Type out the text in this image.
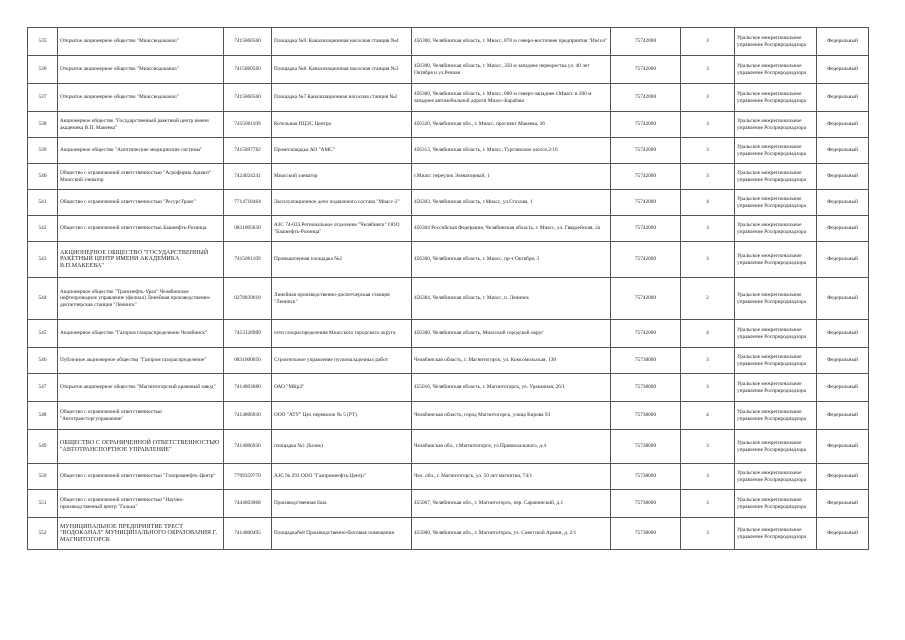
535	Открытое акционерное общество "Миассводоканал"	7415060560	Площадка №9. Канализационная насосная станция №4	456300, Челябинская область, г. Миасс, 870 м северо-восточнее предприятия "Инсол"	75742000	3	Уральское межрегиональное управление Росприроднадзора	Федеральный
536	Открытое акционерное общество "Миассводоканал"	7415060560	Площадка №8. Канализационная насосная станция №3	456300, Челябинская область, г. Миасс, 350 м западнее перекрестка ул. 40 лет Октября и ул.Речная	75742000	3	Уральское межрегиональное управление Росприроднадзора	Федеральный
537	Открытое акционерное общество "Миассводоканал"	7415060560	Площадка №7 Канализационная насосная станция №2	456300, Челябинская область, г. Миасс, 800 м северо-западнее г.Миасс и 200 м западнее автомобильной дороги Миасс-Карабаш	75742000	3	Уральское межрегиональное управление Росприроднадзора	Федеральный
538	Акционерное общество "Государственный ракетный центр имени академика В.П. Макеева"	7415061109	Котельная ПЦЭС Центра	456320, Челябинская обл., г. Миасс, проспект Макеева, 36	75742000	3	Уральское межрегиональное управление Росприроднадзора	Федеральный
539	Акционерное общество "Асептические медицинские системы"	7415097782	Промплощадка АО "АМС"	456313, Челябинская область, г. Миасс, Тургоякское шоссе,2/16	75742000	3	Уральское межрегиональное управление Росприроднадзора	Федеральный
540	Общество с ограниченной ответственностью "Агрофирма Ариант" Миасский элеватор	7424024241	Миасский элеватор	г.Миасс переулок Элеваторный, 1	75742000	3	Уральское межрегиональное управление Росприроднадзора	Федеральный
541	Общество с ограниченной ответственностью "РесурсТранс"	7714718464	Эксплуатационное депо подвижного состава "Миасс-2"	456303, Челябинская область, г.Миасс, ул.Стахова, 1	75742000	4	Уральское межрегиональное управление Росприроднадзора	Федеральный
542	Общество с ограниченной ответственностью Башнефть-Розница	0831005630	АЗС 74-033 Региональное отделение "Челябинск" ООО "Башнефть-Розница"	456304 Российская Федерация, Челябинская область, г. Миасс, ул. Гвардейская, 2а	75742000	3	Уральское межрегиональное управление Росприроднадзора	Федеральный
543	АКЦИОНЕРНОЕ ОБЩЕСТВО "ГОСУДАРСТВЕННЫЙ РАКЕТНЫЙ ЦЕНТР ИМЕНИ АКАДЕМИКА В.П.МАКЕЕВА"	7415061109	Промышленная площадка №2	456300, Челябинская область, г. Миасс, пр-т Октября, 3	75742000	3	Уральское межрегиональное управление Росприроднадзора	Федеральный
544	Акционерное общество "Транснефть-Урал" Челябинское нефтепроводное управление (филиал) Линейная производственно-диспетчерская станция "Ленинск"	0278039018	Линейная производственно-диспетчерская станция "Ленинск"	456384, Челябинская область, г. Миасс, п. Ленинск	75742000	2	Уральское межрегиональное управление Росприроднадзора	Федеральный
545	Акционерное общество "Газпром газораспределение Челябинск"	7453128989	сети газораспределения Миасского городского округа	456300, Челябинская область, Миасский городской округ	75742000	4	Уральское межрегиональное управление Росприроднадзора	Федеральный
546	Публичное акционерное общество "Газпром газораспределение"	0831000050	Строительное управление пусконаладочных работ	Челябинская область, г. Магнитогорск, ул. Комсомольская, 130	75738000	3	Уральское межрегиональное управление Росприроднадзора	Федеральный
547	Открытое акционерное общество "Магнитогорский крановый завод"	7414003680	ОАО "МКрЗ"	455016, Челябинская область, г. Магнитогорск, ул. Ураканная, 26/1	75738000	3	Уральское межрегиональное управление Росприроднадзора	Федеральный
548	Общество с ограниченной ответственностью "Автотрансторгуправление"	7414006930	ООО "АТУ" Цех перевозок № 5 (РТ)	Челябинская область, город Магнитогорск, улица Кирова 93	75738000	4	Уральское межрегиональное управление Росприроднадзора	Федеральный
549	ОБЩЕСТВО С ОГРАНИЧЕННОЙ ОТВЕТСТВЕННОСТЬЮ "АВТОТРАНСПОРТНОЕ УПРАВЛЕНИЕ"	7414006930	площадка №1 (Базик)	Челябинская обл., г.Магнитогорск, ул.Привокзального, д.4	75738000	3	Уральское межрегиональное управление Росприроднадзора	Федеральный
550	Общество с ограниченной ответственностью "Газпромнефть-Центр"	7709359770	АЗС № 293 ООО "Газпромнефть-Центр"	Чел. обл., г. Магнитогорск, ул. 50 лет магнитки, 74/1	75738000	3	Уральское межрегиональное управление Росприроднадзора	Федеральный
551	Общество с ограниченной ответственностью "Научно-производственный центр "Галька"	7444003068	Производственная база	455007, Челябинская обл., г. Магнитогорск, пер. Сарапинский, д.1	75738000	3	Уральское межрегиональное управление Росприроднадзора	Федеральный
552	МУНИЦИПАЛЬНОЕ ПРЕДПРИЯТИЕ ТРЕСТ "ВОДОКАНАЛ" МУНИЦИПАЛЬНОГО ОБРАЗОВАНИЯ Г. МАГНИТОГОРСК	7414000495	Площадка№8 Производственно-бытовые помещения	455000, Челябинская обл., г. Магнитогорск, ул. Советской Армии, д. 2/1	75738000	3	Уральское межрегиональное управление Росприроднадзора	Федеральный
